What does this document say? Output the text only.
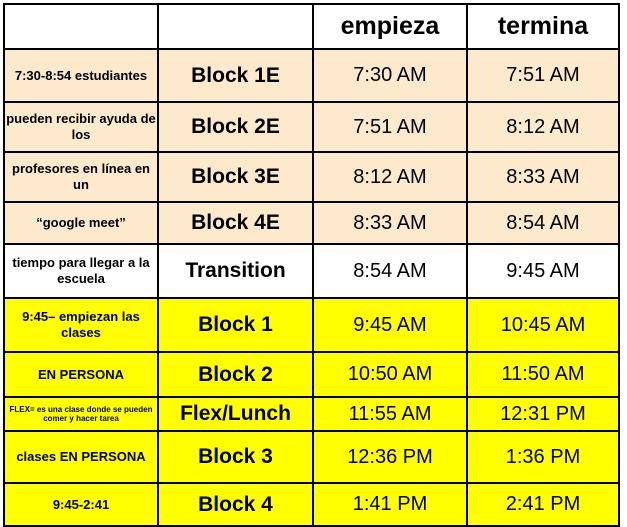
		empieza	termina
7:30-8:54 estudiantes	Block 1E	7:30 AM	7:51 AM
pueden recibir ayuda de los	Block 2E	7:51 AM	8:12 AM
profesores en línea en un	Block 3E	8:12 AM	8:33 AM
“google meet”	Block 4E	8:33 AM	8:54 AM
tiempo para llegar a la escuela	Transition	8:54 AM	9:45 AM
9:45– empiezan las clases	Block 1	9:45 AM	10:45 AM
EN PERSONA	Block 2	10:50 AM	11:50 AM
FLEX= es una clase donde se pueden comer y hacer tarea	Flex/Lunch	11:55 AM	12:31 PM
clases EN PERSONA	Block 3	12:36 PM	1:36 PM
9:45-2:41	Block 4	1:41 PM	2:41 PM
